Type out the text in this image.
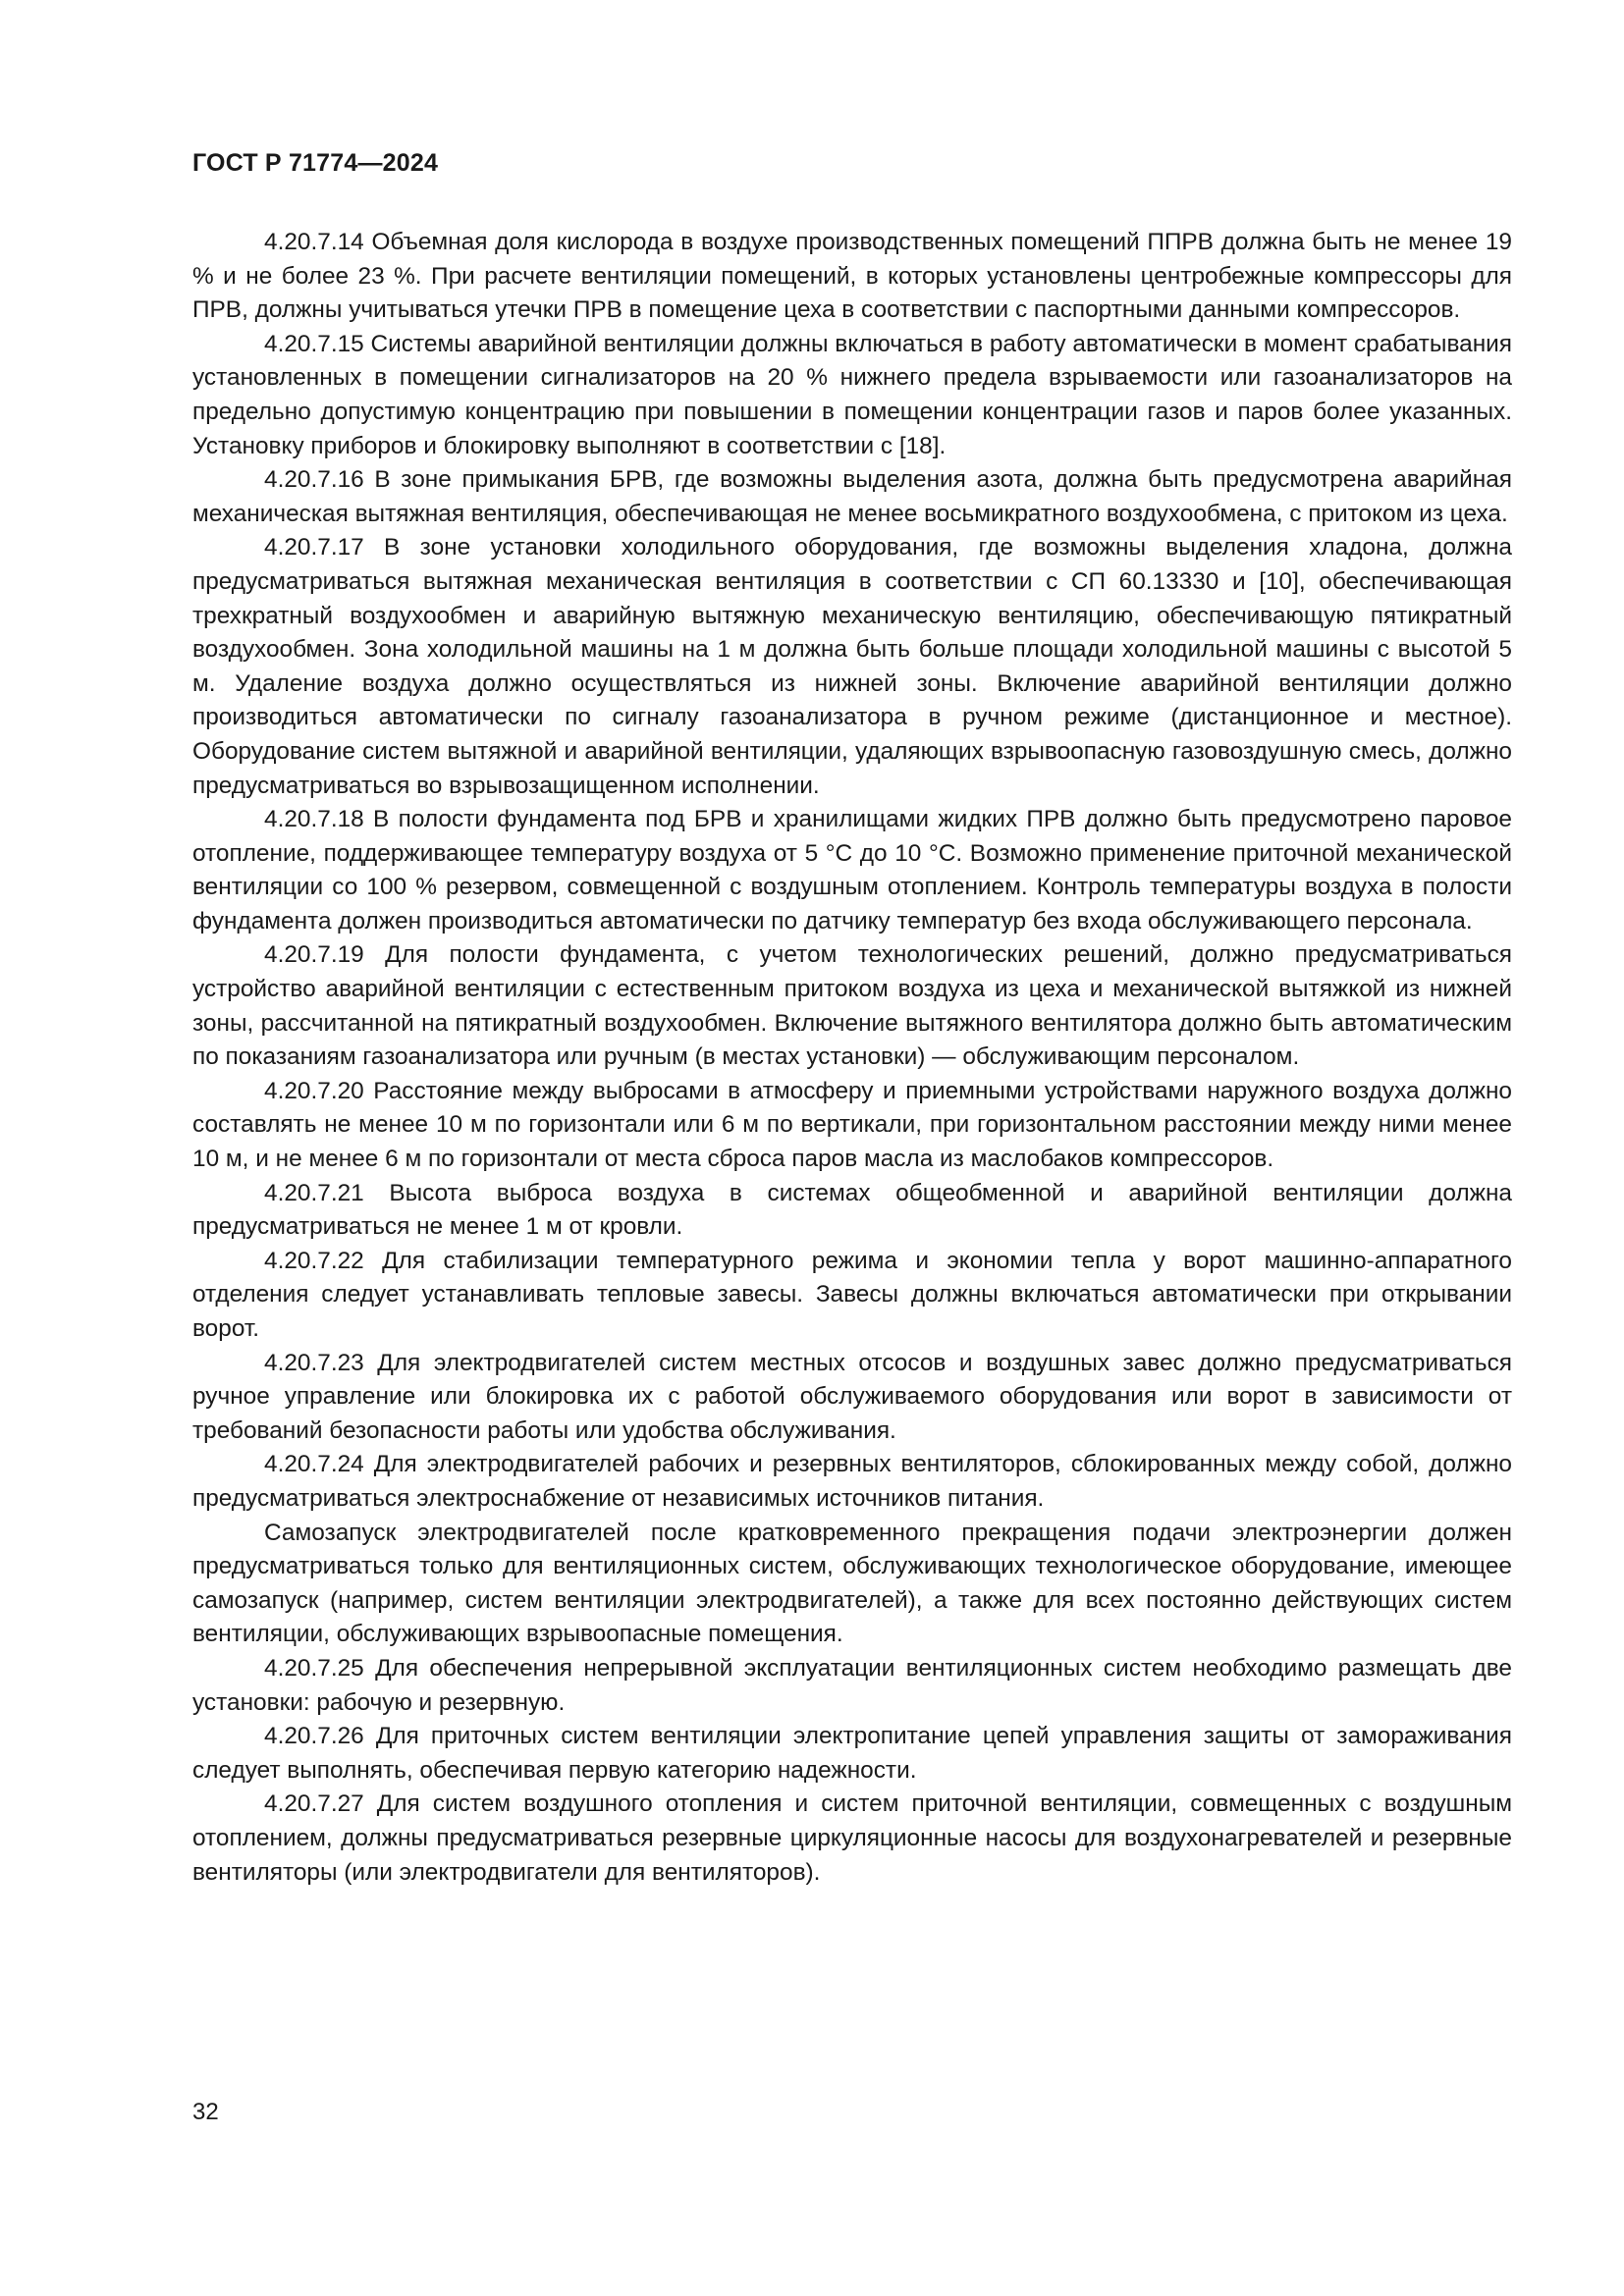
ГОСТ Р 71774—2024

4.20.7.14 Объемная доля кислорода в воздухе производственных помещений ППРВ должна быть не менее 19 % и не более 23 %. При расчете вентиляции помещений, в которых установлены центробежные компрессоры для ПРВ, должны учитываться утечки ПРВ в помещение цеха в соответствии с паспортными данными компрессоров.

4.20.7.15 Системы аварийной вентиляции должны включаться в работу автоматически в момент срабатывания установленных в помещении сигнализаторов на 20 % нижнего предела взрываемости или газоанализаторов на предельно допустимую концентрацию при повышении в помещении концентрации газов и паров более указанных. Установку приборов и блокировку выполняют в соответствии с [18].

4.20.7.16 В зоне примыкания БРВ, где возможны выделения азота, должна быть предусмотрена аварийная механическая вытяжная вентиляция, обеспечивающая не менее восьмикратного воздухообмена, с притоком из цеха.

4.20.7.17 В зоне установки холодильного оборудования, где возможны выделения хладона, должна предусматриваться вытяжная механическая вентиляция в соответствии с СП 60.13330 и [10], обеспечивающая трехкратный воздухообмен и аварийную вытяжную механическую вентиляцию, обеспечивающую пятикратный воздухообмен. Зона холодильной машины на 1 м должна быть больше площади холодильной машины с высотой 5 м. Удаление воздуха должно осуществляться из нижней зоны. Включение аварийной вентиляции должно производиться автоматически по сигналу газоанализатора в ручном режиме (дистанционное и местное). Оборудование систем вытяжной и аварийной вентиляции, удаляющих взрывоопасную газовоздушную смесь, должно предусматриваться во взрывозащищенном исполнении.

4.20.7.18 В полости фундамента под БРВ и хранилищами жидких ПРВ должно быть предусмотрено паровое отопление, поддерживающее температуру воздуха от 5 °С до 10 °С. Возможно применение приточной механической вентиляции со 100 % резервом, совмещенной с воздушным отоплением. Контроль температуры воздуха в полости фундамента должен производиться автоматически по датчику температур без входа обслуживающего персонала.

4.20.7.19 Для полости фундамента, с учетом технологических решений, должно предусматриваться устройство аварийной вентиляции с естественным притоком воздуха из цеха и механической вытяжкой из нижней зоны, рассчитанной на пятикратный воздухообмен. Включение вытяжного вентилятора должно быть автоматическим по показаниям газоанализатора или ручным (в местах установки) — обслуживающим персоналом.

4.20.7.20 Расстояние между выбросами в атмосферу и приемными устройствами наружного воздуха должно составлять не менее 10 м по горизонтали или 6 м по вертикали, при горизонтальном расстоянии между ними менее 10 м, и не менее 6 м по горизонтали от места сброса паров масла из маслобаков компрессоров.

4.20.7.21 Высота выброса воздуха в системах общеобменной и аварийной вентиляции должна предусматриваться не менее 1 м от кровли.

4.20.7.22 Для стабилизации температурного режима и экономии тепла у ворот машинно-аппаратного отделения следует устанавливать тепловые завесы. Завесы должны включаться автоматически при открывании ворот.

4.20.7.23 Для электродвигателей систем местных отсосов и воздушных завес должно предусматриваться ручное управление или блокировка их с работой обслуживаемого оборудования или ворот в зависимости от требований безопасности работы или удобства обслуживания.

4.20.7.24 Для электродвигателей рабочих и резервных вентиляторов, сблокированных между собой, должно предусматриваться электроснабжение от независимых источников питания.

Самозапуск электродвигателей после кратковременного прекращения подачи электроэнергии должен предусматриваться только для вентиляционных систем, обслуживающих технологическое оборудование, имеющее самозапуск (например, систем вентиляции электродвигателей), а также для всех постоянно действующих систем вентиляции, обслуживающих взрывоопасные помещения.

4.20.7.25 Для обеспечения непрерывной эксплуатации вентиляционных систем необходимо размещать две установки: рабочую и резервную.

4.20.7.26 Для приточных систем вентиляции электропитание цепей управления защиты от замораживания следует выполнять, обеспечивая первую категорию надежности.

4.20.7.27 Для систем воздушного отопления и систем приточной вентиляции, совмещенных с воздушным отоплением, должны предусматриваться резервные циркуляционные насосы для воздухонагревателей и резервные вентиляторы (или электродвигатели для вентиляторов).

32
